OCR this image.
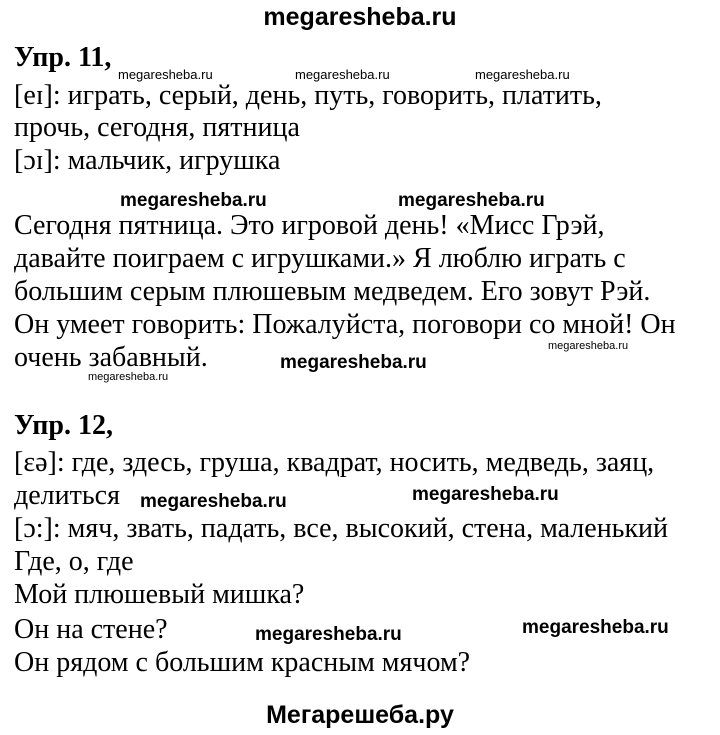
megaresheba.ru
Упр. 11,
[eɪ]: играть, серый, день, путь, говорить, платить,
прочь, сегодня, пятница
[ɔɪ]: мальчик, игрушка
Сегодня пятница. Это игровой день! «Мисс Грэй,
давайте поиграем с игрушками.» Я люблю играть с
большим серым плюшевым медведем. Его зовут Рэй.
Он умеет говорить: Пожалуйста, поговори со мной! Он
очень забавный.
Упр. 12,
[ɛə]: где, здесь, груша, квадрат, носить, медведь, заяц,
делиться
[ɔ:]: мяч, звать, падать, все, высокий, стена, маленький
Где, о, где
Мой плюшевый мишка?
Он на стене?
Он рядом с большим красным мячом?
megaresheba.ru	megaresheba.ru	megaresheba.ru
megaresheba.ru	megaresheba.ru
megaresheba.ru
megaresheba.ru
megaresheba.ru
megaresheba.ru	megaresheba.ru
megaresheba.ru	megaresheba.ru
Мегарешеба.ру
